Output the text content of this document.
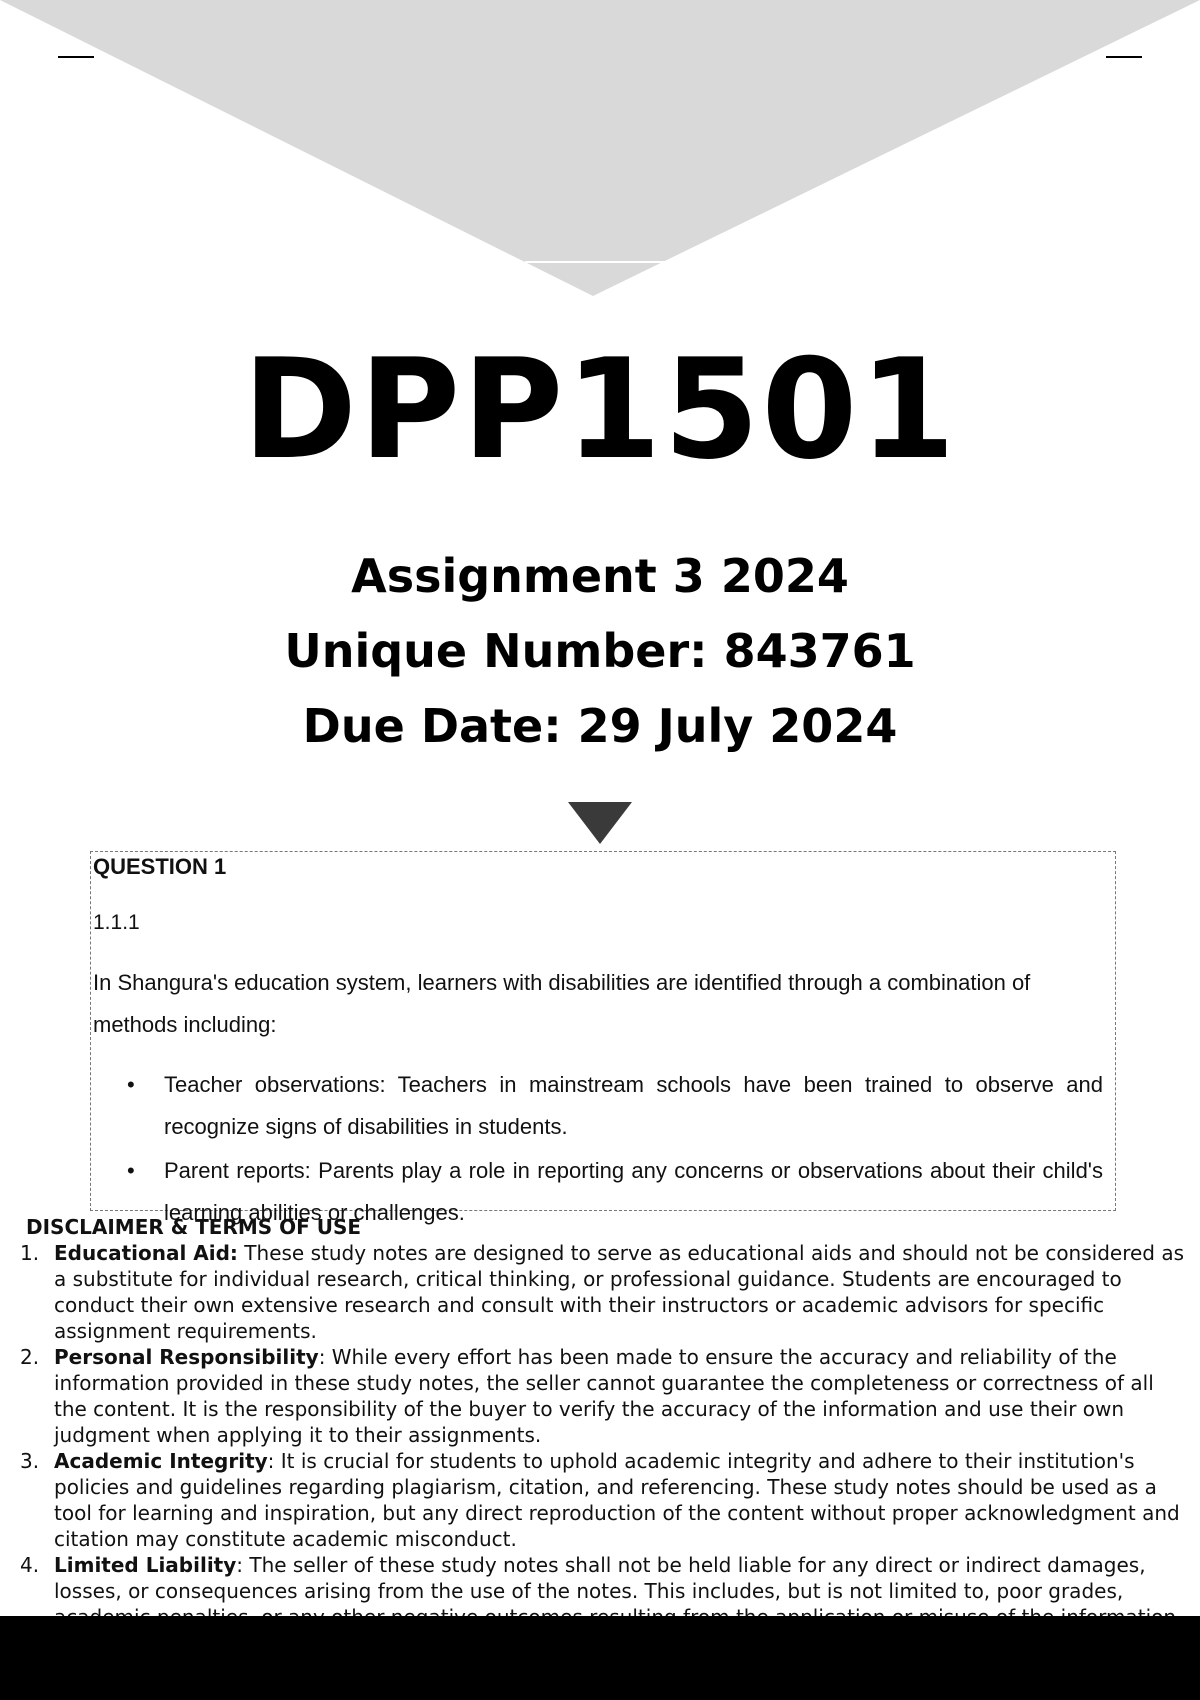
DPP1501
Assignment 3 2024
Unique Number: 843761
Due Date: 29 July 2024
QUESTION 1
1.1.1
In Shangura's education system, learners with disabilities are identified through a combination of methods including:
• Teacher observations: Teachers in mainstream schools have been trained to observe and recognize signs of disabilities in students.
• Parent reports: Parents play a role in reporting any concerns or observations about their child's learning abilities or challenges.
DISCLAIMER & TERMS OF USE
1. Educational Aid: These study notes are designed to serve as educational aids and should not be considered as a substitute for individual research, critical thinking, or professional guidance. Students are encouraged to conduct their own extensive research and consult with their instructors or academic advisors for specific assignment requirements.
2. Personal Responsibility: While every effort has been made to ensure the accuracy and reliability of the information provided in these study notes, the seller cannot guarantee the completeness or correctness of all the content. It is the responsibility of the buyer to verify the accuracy of the information and use their own judgment when applying it to their assignments.
3. Academic Integrity: It is crucial for students to uphold academic integrity and adhere to their institution's policies and guidelines regarding plagiarism, citation, and referencing. These study notes should be used as a tool for learning and inspiration, but any direct reproduction of the content without proper acknowledgment and citation may constitute academic misconduct.
4. Limited Liability: The seller of these study notes shall not be held liable for any direct or indirect damages, losses, or consequences arising from the use of the notes. This includes, but is not limited to, poor grades,
